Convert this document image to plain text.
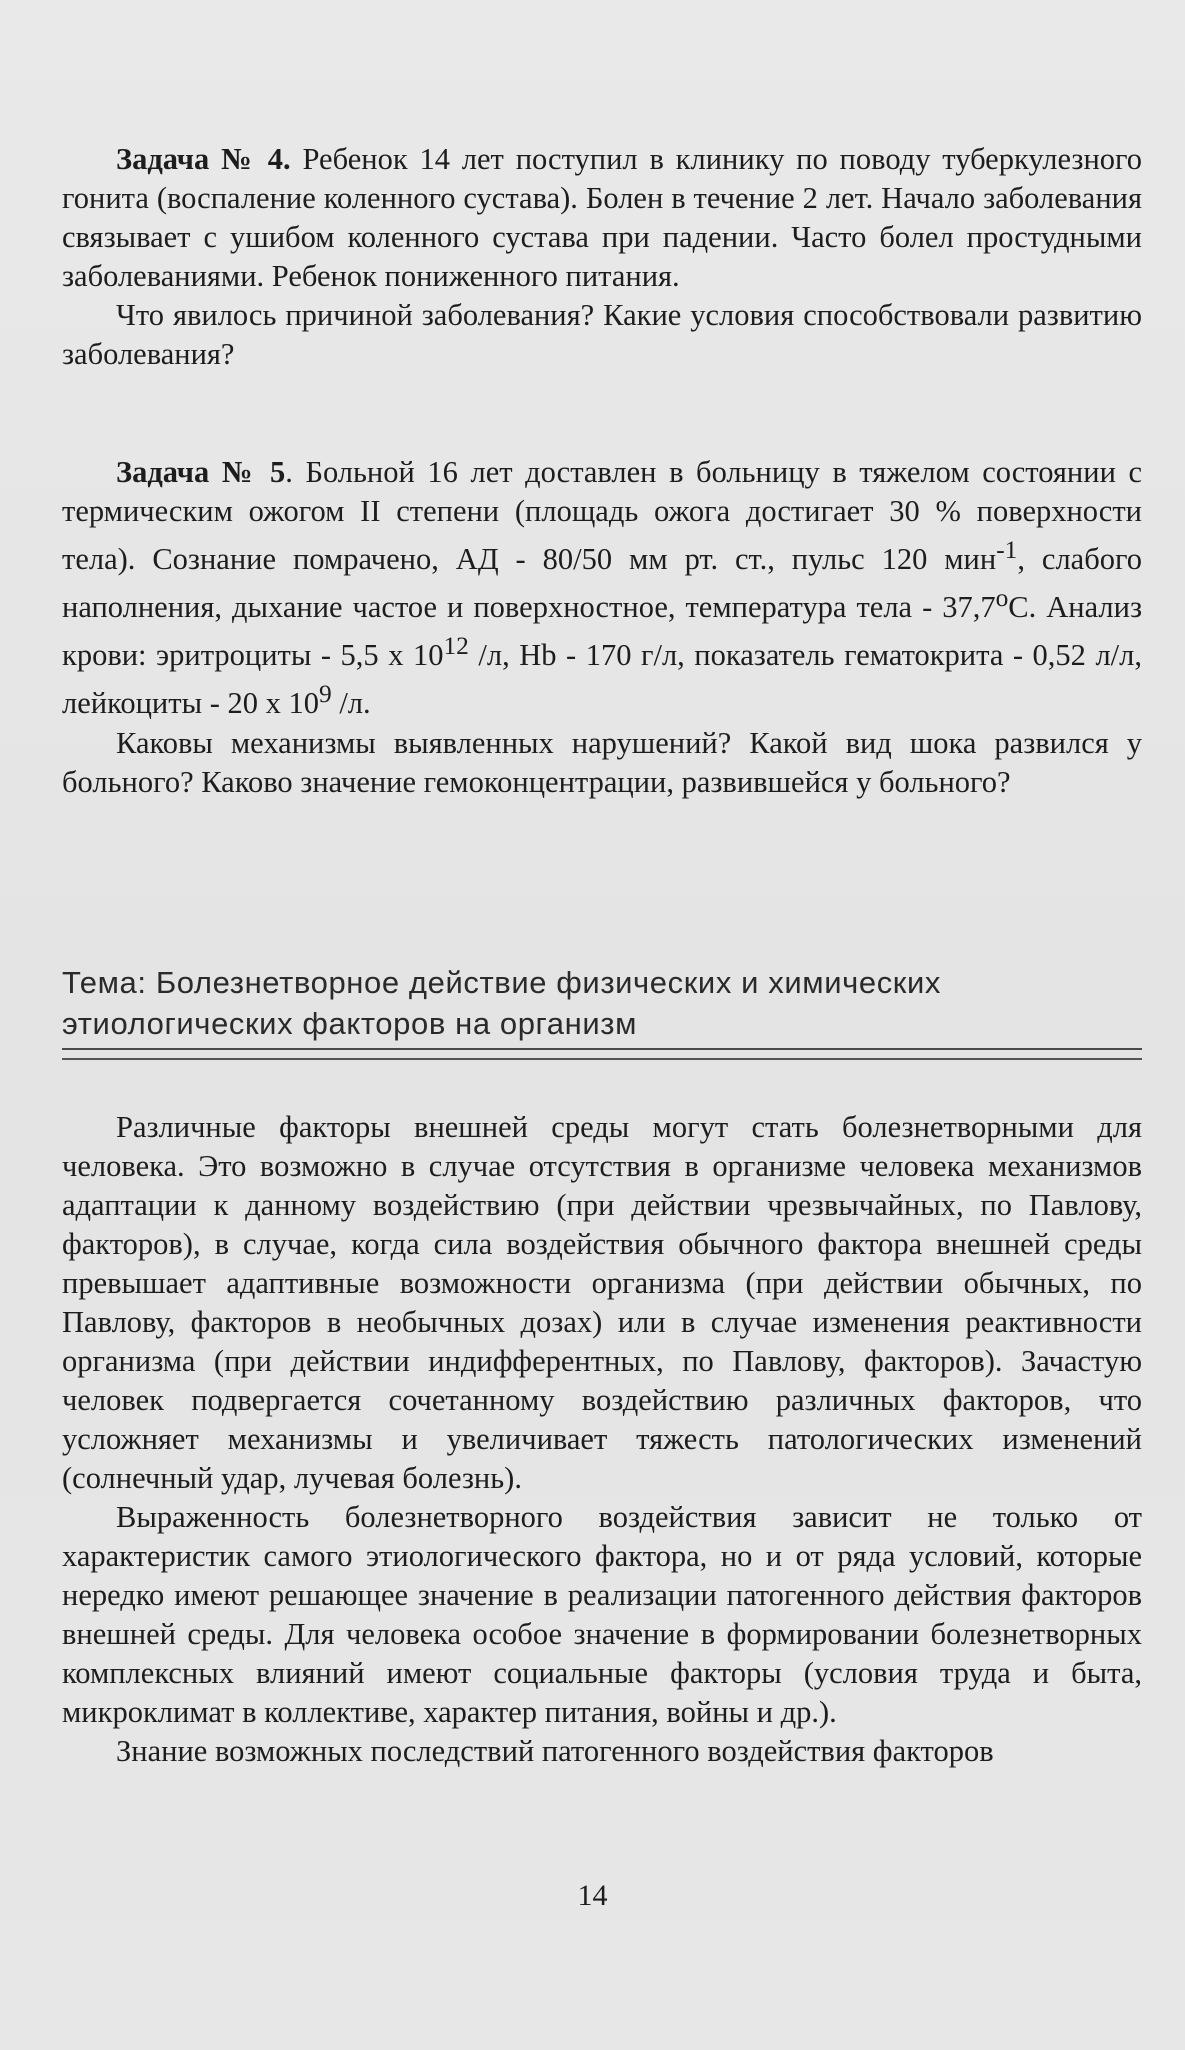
Задача № 4. Ребенок 14 лет поступил в клинику по поводу туберкулезного гонита (воспаление коленного сустава). Болен в течение 2 лет. Начало заболевания связывает с ушибом коленного сустава при падении. Часто болел простудными заболеваниями. Ребенок пониженного питания.

Что явилось причиной заболевания? Какие условия способствовали развитию заболевания?

Задача № 5. Больной 16 лет доставлен в больницу в тяжелом состоянии с термическим ожогом II степени (площадь ожога достигает 30 % поверхности тела). Сознание помрачено, АД - 80/50 мм рт. ст., пульс 120 мин$^{-1}$, слабого наполнения, дыхание частое и поверхностное, температура тела - $37,7^оС$. Анализ крови: эритроциты - 5,5 х $10^{12}$ /л, Hb - 170 г/л, показатель гематокрита - 0,52 л/л, лейкоциты - 20 х $10^9$ /л.

Каковы механизмы выявленных нарушений? Какой вид шока развился у больного? Каково значение гемоконцентрации, развившейся у больного?

Тема: Болезнетворное действие физических и химических
этиологических факторов на организм

Различные факторы внешней среды могут стать болезнетворными для человека. Это возможно в случае отсутствия в организме человека механизмов адаптации к данному воздействию (при действии чрезвычайных, по Павлову, факторов), в случае, когда сила воздействия обычного фактора внешней среды превышает адаптивные возможности организма (при действии обычных, по Павлову, факторов в необычных дозах) или в случае изменения реактивности организма (при действии индифферентных, по Павлову, факторов). Зачастую человек подвергается сочетанному воздействию различных факторов, что усложняет механизмы и увеличивает тяжесть патологических изменений (солнечный удар, лучевая болезнь).

Выраженность болезнетворного воздействия зависит не только от характеристик самого этиологического фактора, но и от ряда условий, которые нередко имеют решающее значение в реализации патогенного действия факторов внешней среды. Для человека особое значение в формировании болезнетворных комплексных влияний имеют социальные факторы (условия труда и быта, микроклимат в коллективе, характер питания, войны и др.).

Знание возможных последствий патогенного воздействия факторов

14
